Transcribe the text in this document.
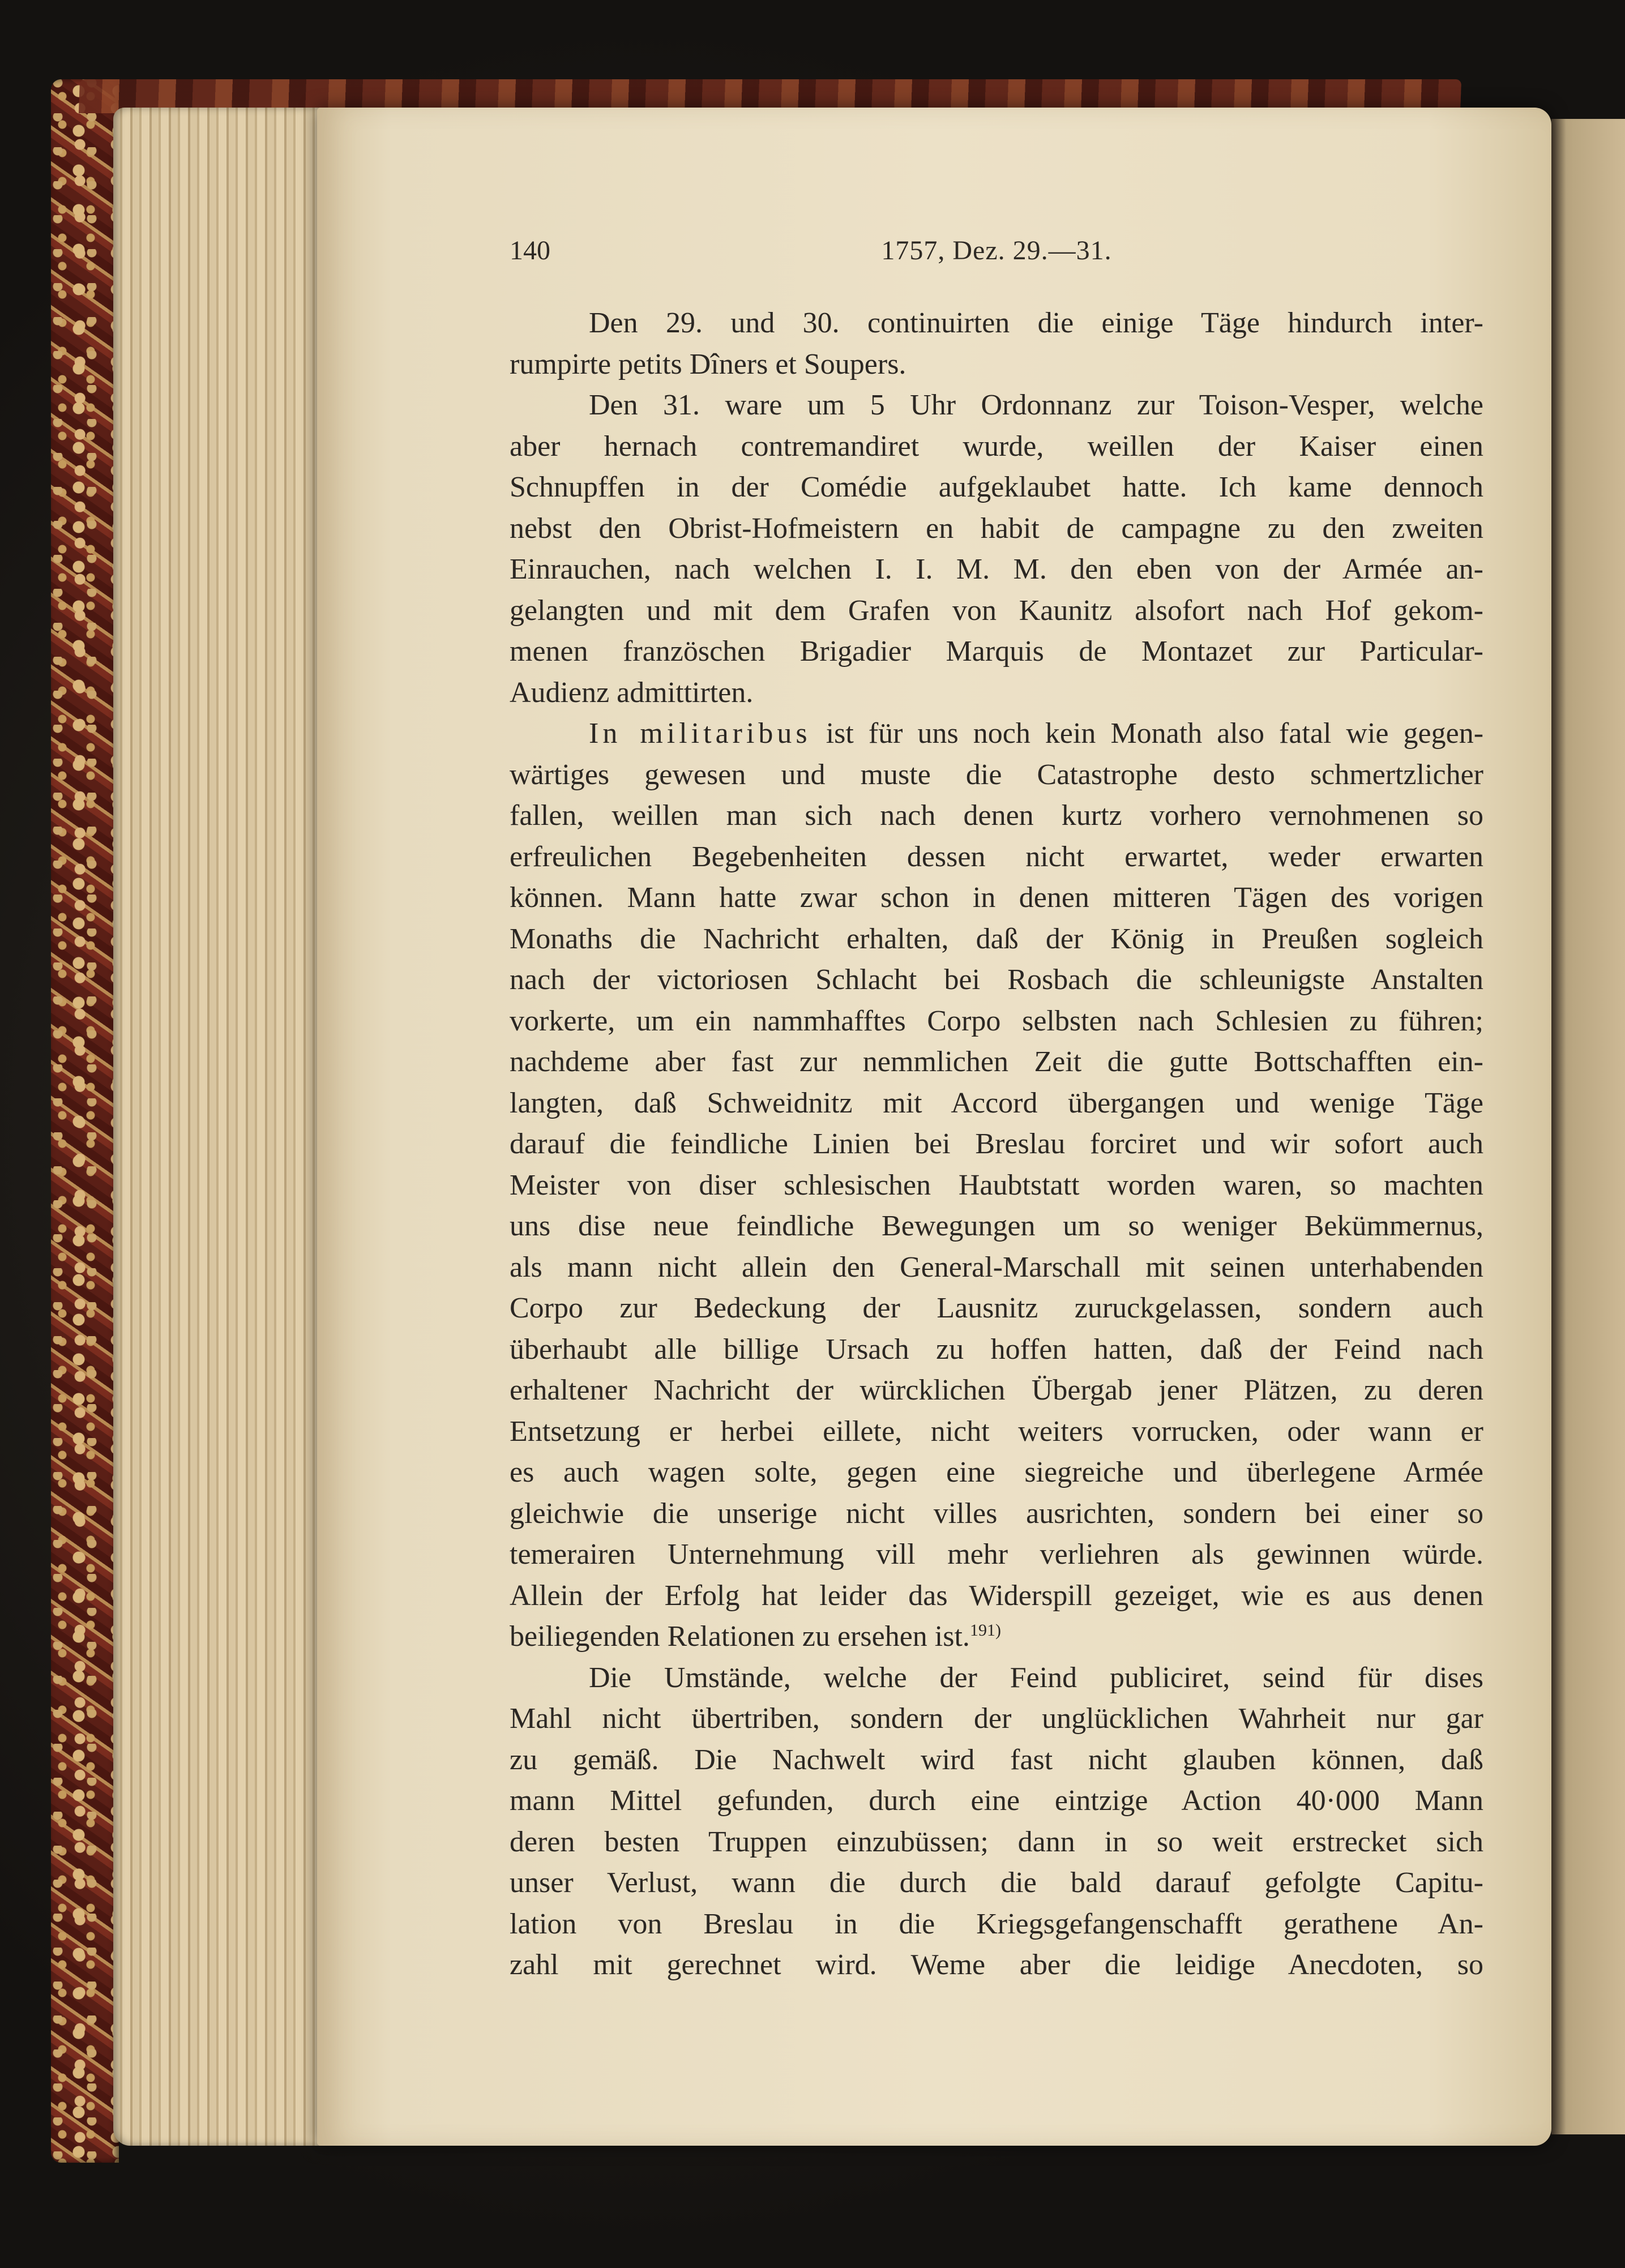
140	1757, Dez. 29.—31.
Den 29. und 30. continuirten die einige Täge hindurch inter-
rumpirte petits Dîners et Soupers.
Den 31. ware um 5 Uhr Ordonnanz zur Toison-Vesper, welche
aber hernach contremandiret wurde, weillen der Kaiser einen
Schnupffen in der Comédie aufgeklaubet hatte. Ich kame dennoch
nebst den Obrist-Hofmeistern en habit de campagne zu den zweiten
Einrauchen, nach welchen I. I. M. M. den eben von der Armée an-
gelangten und mit dem Grafen von Kaunitz alsofort nach Hof gekom-
menen französchen Brigadier Marquis de Montazet zur Particular-
Audienz admittirten.
In militaribus ist für uns noch kein Monath also fatal wie gegen-
wärtiges gewesen und muste die Catastrophe desto schmertzlicher
fallen, weillen man sich nach denen kurtz vorhero vernohmenen so
erfreulichen Begebenheiten dessen nicht erwartet, weder erwarten
können. Mann hatte zwar schon in denen mitteren Tägen des vorigen
Monaths die Nachricht erhalten, daß der König in Preußen sogleich
nach der victoriosen Schlacht bei Rosbach die schleunigste Anstalten
vorkerte, um ein nammhafftes Corpo selbsten nach Schlesien zu führen;
nachdeme aber fast zur nemmlichen Zeit die gutte Bottschafften ein-
langten, daß Schweidnitz mit Accord übergangen und wenige Täge
darauf die feindliche Linien bei Breslau forciret und wir sofort auch
Meister von diser schlesischen Haubtstatt worden waren, so machten
uns dise neue feindliche Bewegungen um so weniger Bekümmernus,
als mann nicht allein den General-Marschall mit seinen unterhabenden
Corpo zur Bedeckung der Lausnitz zuruckgelassen, sondern auch
überhaubt alle billige Ursach zu hoffen hatten, daß der Feind nach
erhaltener Nachricht der würcklichen Übergab jener Plätzen, zu deren
Entsetzung er herbei eillete, nicht weiters vorrucken, oder wann er
es auch wagen solte, gegen eine siegreiche und überlegene Armée
gleichwie die unserige nicht villes ausrichten, sondern bei einer so
temerairen Unternehmung vill mehr verliehren als gewinnen würde.
Allein der Erfolg hat leider das Widerspill gezeiget, wie es aus denen
beiliegenden Relationen zu ersehen ist.$^{191)}$
Die Umstände, welche der Feind publiciret, seind für dises
Mahl nicht übertriben, sondern der unglücklichen Wahrheit nur gar
zu gemäß. Die Nachwelt wird fast nicht glauben können, daß
mann Mittel gefunden, durch eine eintzige Action 40·000 Mann
deren besten Truppen einzubüssen; dann in so weit erstrecket sich
unser Verlust, wann die durch die bald darauf gefolgte Capitu-
lation von Breslau in die Kriegsgefangenschafft gerathene An-
zahl mit gerechnet wird. Weme aber die leidige Anecdoten, so
